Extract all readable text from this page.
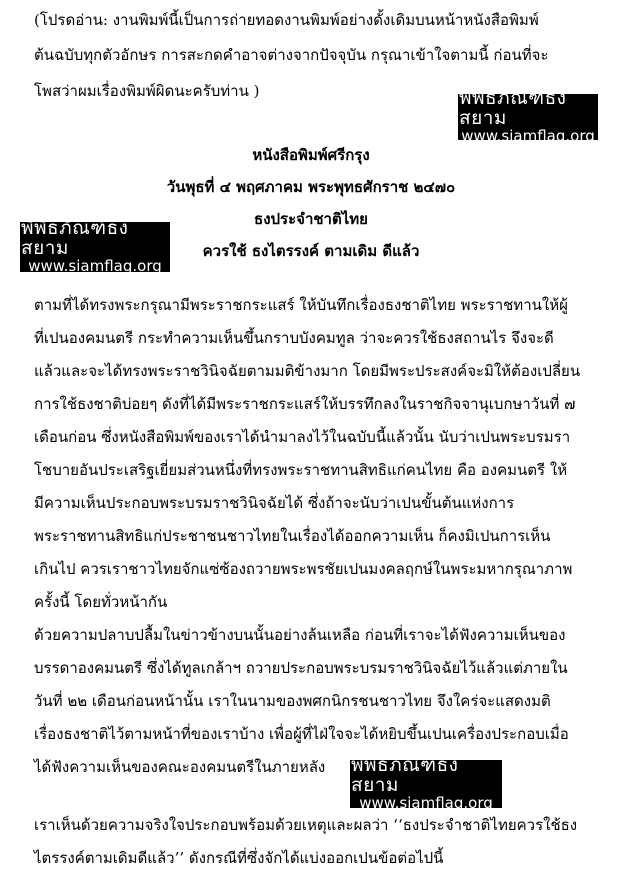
(โปรดอ่าน: งานพิมพ์นี้เป็นการถ่ายทอดงานพิมพ์อย่างดั้งเดิมบนหน้าหนังสือพิมพ์
ต้นฉบับทุกตัวอักษร การสะกดคำอาจต่างจากปัจจุบัน กรุณาเข้าใจตามนี้ ก่อนที่จะ
โพสว่าผมเรื่องพิมพ์ผิดนะครับท่าน )	พิพิธภัณฑ์ธงสยาม
www.siamflag.org
พิพิธภัณฑ์ธงสยาม
www.siamflag.org
พิพิธภัณฑ์ธงสยาม
www.siamflag.org
หนังสือพิมพ์ศรีกรุง
วันพุธที่ ๔ พฤศภาคม พระพุทธศักราช ๒๔๗๐
ธงประจำชาติไทย
ควรใช้ ธงไตรรงค์ ตามเดิม ดีแล้ว
ตามที่ได้ทรงพระกรุณามีพระราชกระแสร์ ให้บันทึกเรื่องธงชาติไทย พระราชทานให้ผู้
ที่เปนองคมนตรี กระทำความเห็นขึ้นกราบบังคมทูล ว่าจะควรใช้ธงสถานไร จึงจะดี
แล้วและจะได้ทรงพระราชวินิจฉัยตามมติข้างมาก โดยมีพระประสงค์จะมิให้ต้องเปลี่ยน
การใช้ธงชาติบ่อยๆ ดังที่ได้มีพระราชกระแสร์ให้บรรทึกลงในราชกิจจานุเบกษาวันที่ ๗
เดือนก่อน ซึ่งหนังสือพิมพ์ของเราได้นำมาลงไว้ในฉบับนี้แล้วนั้น นับว่าเปนพระบรมรา
โชบายอันประเสริฐเยี่ยมส่วนหนึ่งที่ทรงพระราชทานสิทธิแก่คนไทย คือ องคมนตรี ให้
มีความเห็นประกอบพระบรมราชวินิจฉัยได้ ซึ่งถ้าจะนับว่าเปนขั้นต้นแห่งการ
พระราชทานสิทธิแก่ประชาชนชาวไทยในเรื่องได้ออกความเห็น ก็คงมิเปนการเห็น
เกินไป ควรเราชาวไทยจักแซ่ซ้องถวายพระพรชัยเปนมงคลฤกษ์ในพระมหากรุณาภาพ
ครั้งนี้ โดยทั่วหน้ากัน
ด้วยความปลาบปลื้มในข่าวข้างบนนั้นอย่างล้นเหลือ ก่อนที่เราจะได้ฟังความเห็นของ
บรรดาองคมนตรี ซึ่งได้ทูลเกล้าฯ ถวายประกอบพระบรมราชวินิจฉัยไว้แล้วแต่ภายใน
วันที่ ๒๒ เดือนก่อนหน้านั้น เราในนามของพศกนิกรชนชาวไทย จึงใคร่จะแสดงมติ
เรื่องธงชาติไว้ตามหน้าที่ของเราบ้าง เพื่อผู้ที่ไฝ่ใจจะได้หยิบขึ้นเปนเครื่องประกอบเมื่อ
ได้ฟังความเห็นของคณะองคมนตรีในภายหลัง
เราเห็นด้วยความจริงใจประกอบพร้อมด้วยเหตุและผลว่า ‘‘ธงประจำชาติไทยควรใช้ธง
ไตรรงค์ตามเดิมดีแล้ว’’ ดังกรณีที่ซึ่งจักได้แบ่งออกเปนข้อต่อไปนี้
